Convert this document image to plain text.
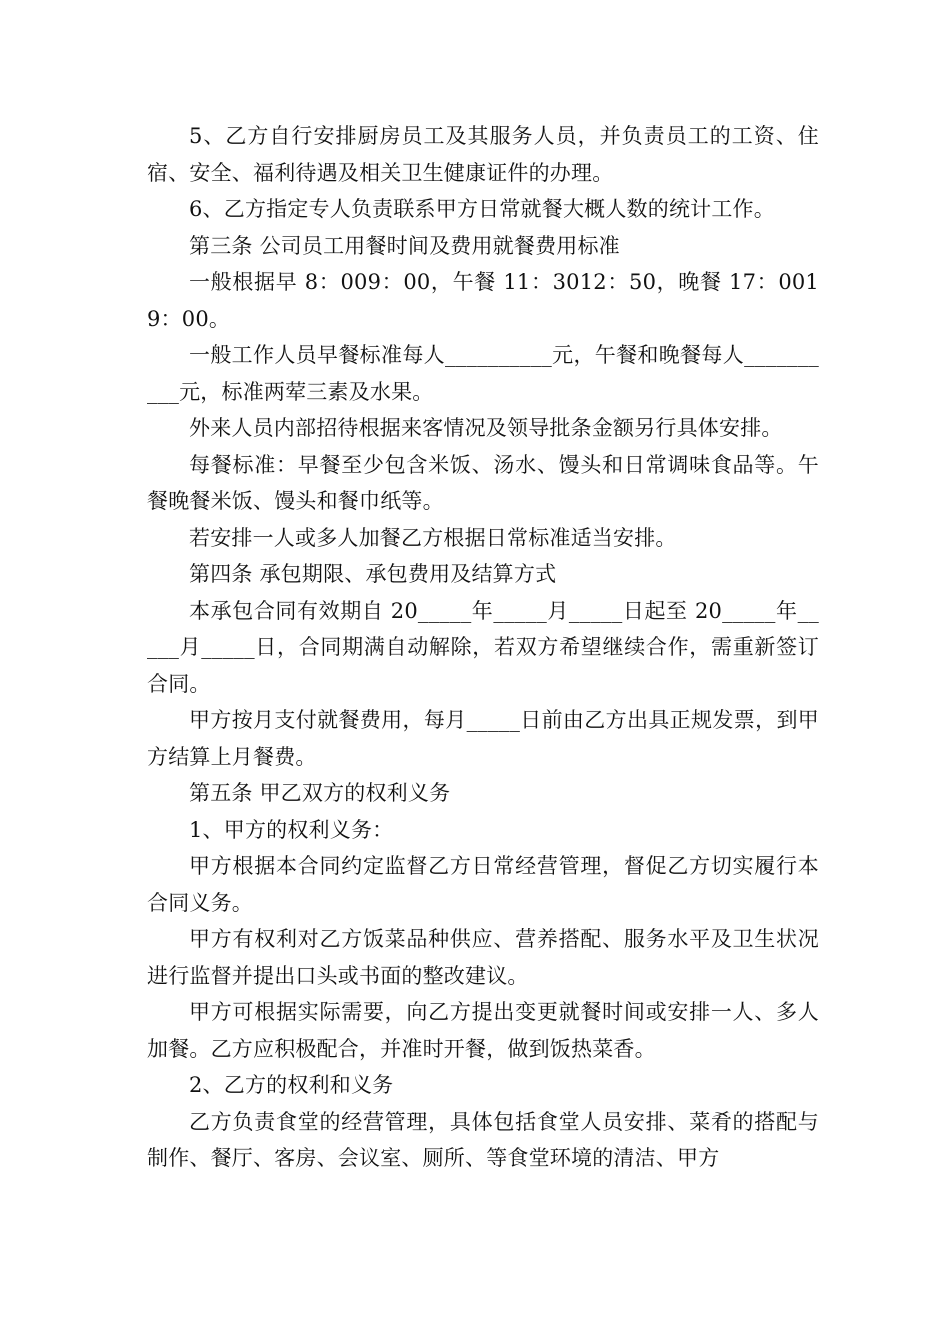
5、乙方自行安排厨房员工及其服务人员，并负责员工的工资、住宿、安全、福利待遇及相关卫生健康证件的办理。

6、乙方指定专人负责联系甲方日常就餐大概人数的统计工作。

第三条 公司员工用餐时间及费用就餐费用标准

一般根据早 8：009：00，午餐 11：3012：50，晚餐 17：0019：00。

一般工作人员早餐标准每人__________元，午餐和晚餐每人__________元，标准两荤三素及水果。

外来人员内部招待根据来客情况及领导批条金额另行具体安排。

每餐标准：早餐至少包含米饭、汤水、馒头和日常调味食品等。午餐晚餐米饭、馒头和餐巾纸等。

若安排一人或多人加餐乙方根据日常标准适当安排。

第四条 承包期限、承包费用及结算方式

本承包合同有效期自 20_____年_____月_____日起至 20_____年_____月_____日，合同期满自动解除，若双方希望继续合作，需重新签订合同。

甲方按月支付就餐费用，每月_____日前由乙方出具正规发票，到甲方结算上月餐费。

第五条 甲乙双方的权利义务

1、甲方的权利义务：

甲方根据本合同约定监督乙方日常经营管理，督促乙方切实履行本合同义务。

甲方有权利对乙方饭菜品种供应、营养搭配、服务水平及卫生状况进行监督并提出口头或书面的整改建议。

甲方可根据实际需要，向乙方提出变更就餐时间或安排一人、多人加餐。乙方应积极配合，并准时开餐，做到饭热菜香。

2、乙方的权利和义务

乙方负责食堂的经营管理，具体包括食堂人员安排、菜肴的搭配与制作、餐厅、客房、会议室、厕所、等食堂环境的清洁、甲方
